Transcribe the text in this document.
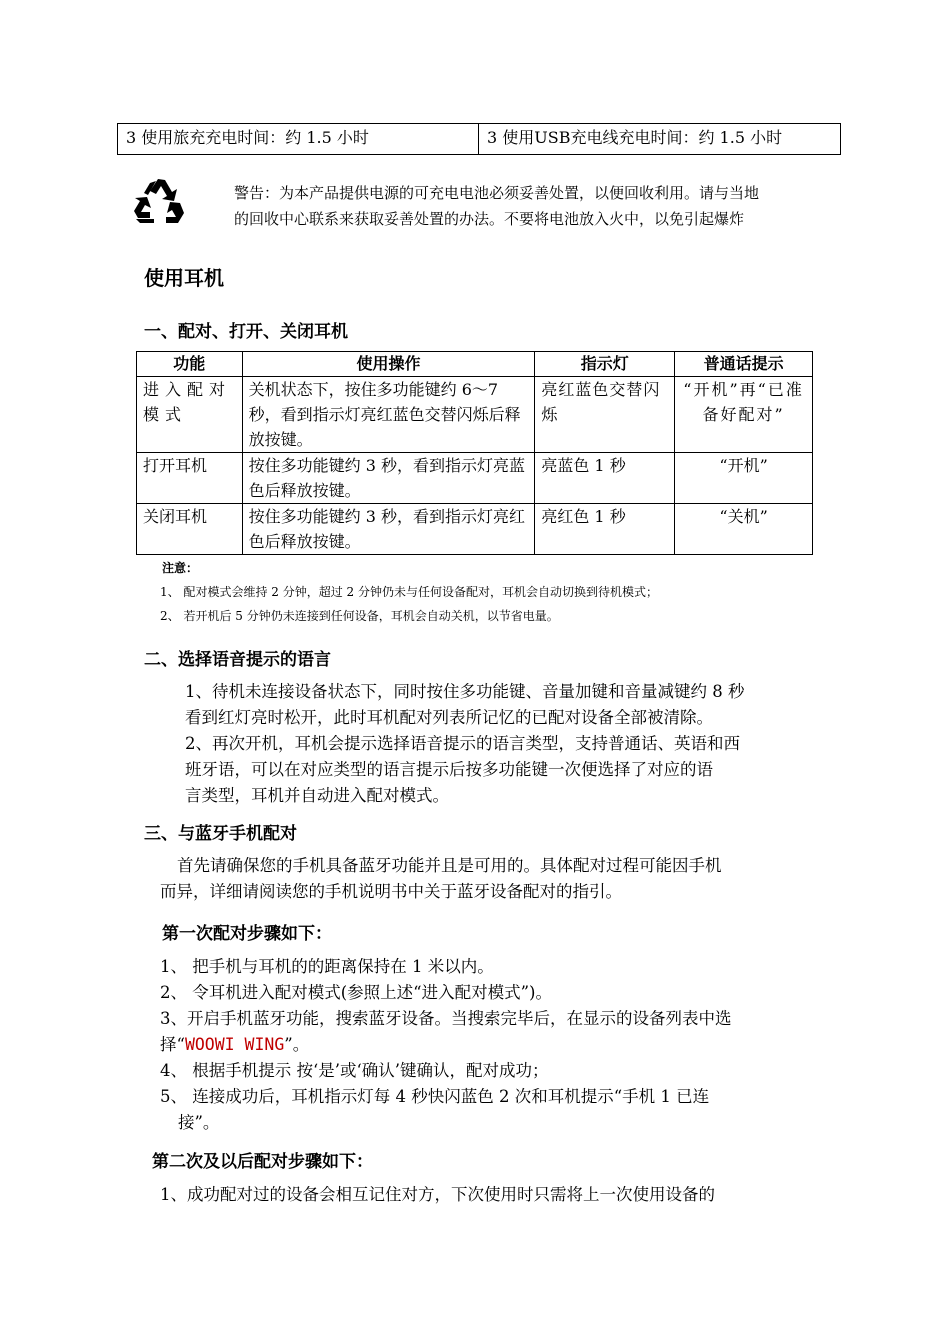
3 使用旅充充电时间：约 1.5 小时	3 使用USB充电线充电时间：约 1.5 小时
警告：为本产品提供电源的可充电电池必须妥善处置，以便回收利用。请与当地
的回收中心联系来获取妥善处置的办法。不要将电池放入火中，以免引起爆炸
使用耳机
一、配对、打开、关闭耳机
功能	使用操作	指示灯	普通话提示
进入配对模式	关机状态下，按住多功能键约 6～7 秒，看到指示灯亮红蓝色交替闪烁后释放按键。	亮红蓝色交替闪烁	“开机”再“已准备好配对”
打开耳机	按住多功能键约 3 秒，看到指示灯亮蓝色后释放按键。	亮蓝色 1 秒	“开机”
关闭耳机	按住多功能键约 3 秒，看到指示灯亮红色后释放按键。	亮红色 1 秒	“关机”
注意：
1、 配对模式会维持 2 分钟，超过 2 分钟仍未与任何设备配对，耳机会自动切换到待机模式；
2、 若开机后 5 分钟仍未连接到任何设备，耳机会自动关机，以节省电量。
二、选择语音提示的语言
1、待机未连接设备状态下，同时按住多功能键、音量加键和音量减键约 8 秒
看到红灯亮时松开，此时耳机配对列表所记忆的已配对设备全部被清除。
2、再次开机，耳机会提示选择语音提示的语言类型，支持普通话、英语和西
班牙语，可以在对应类型的语言提示后按多功能键一次便选择了对应的语
言类型，耳机并自动进入配对模式。
三、与蓝牙手机配对
首先请确保您的手机具备蓝牙功能并且是可用的。具体配对过程可能因手机
而异，详细请阅读您的手机说明书中关于蓝牙设备配对的指引。
第一次配对步骤如下：
1、 把手机与耳机的的距离保持在 1 米以内。
2、 令耳机进入配对模式(参照上述“进入配对模式”)。
3、开启手机蓝牙功能，搜索蓝牙设备。当搜索完毕后，在显示的设备列表中选
择“WOOWI WING”。
4、 根据手机提示 按‘是’或‘确认’键确认，配对成功；
5、 连接成功后，耳机指示灯每 4 秒快闪蓝色 2 次和耳机提示“手机 1 已连
接”。
第二次及以后配对步骤如下：
1、成功配对过的设备会相互记住对方，下次使用时只需将上一次使用设备的
